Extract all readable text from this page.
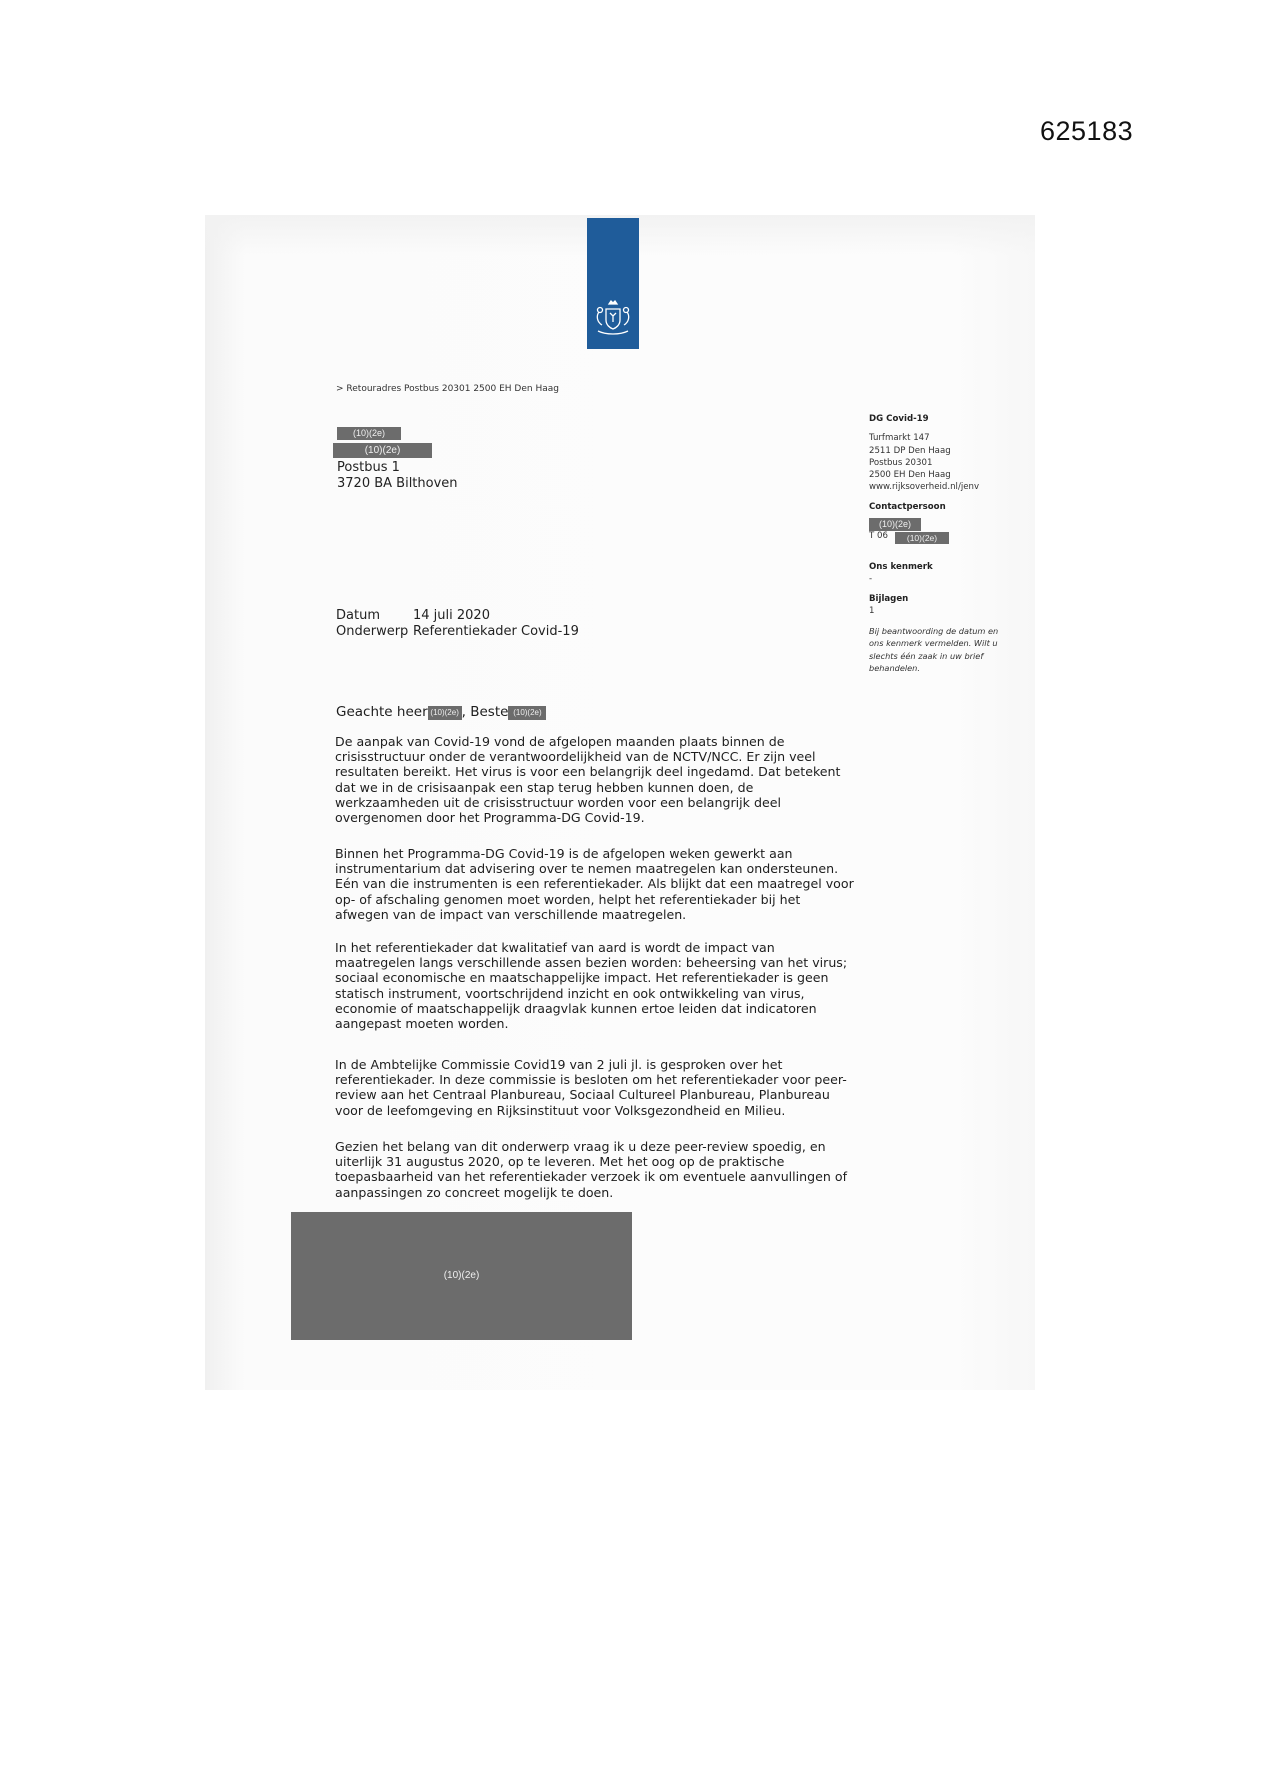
625183
> Retouradres Postbus 20301 2500 EH Den Haag
(10)(2e)
(10)(2e)
Postbus 1
3720 BA Bilthoven
DG Covid-19
Turfmarkt 147
2511 DP Den Haag
Postbus 20301
2500 EH Den Haag
www.rijksoverheid.nl/jenv
Contactpersoon
(10)(2e)
T 06	(10)(2e)
Ons kenmerk
-
Bijlagen
1
Bij beantwoording de datum en ons kenmerk vermelden. Wilt u slechts één zaak in uw brief behandelen.
Datum	14 juli 2020
Onderwerp Referentiekader Covid-19
Geachte heer (10)(2e) , Beste (10)(2e)
De aanpak van Covid-19 vond de afgelopen maanden plaats binnen de crisisstructuur onder de verantwoordelijkheid van de NCTV/NCC. Er zijn veel resultaten bereikt. Het virus is voor een belangrijk deel ingedamd. Dat betekent dat we in de crisisaanpak een stap terug hebben kunnen doen, de werkzaamheden uit de crisisstructuur worden voor een belangrijk deel overgenomen door het Programma-DG Covid-19.
Binnen het Programma-DG Covid-19 is de afgelopen weken gewerkt aan instrumentarium dat advisering over te nemen maatregelen kan ondersteunen. Eén van die instrumenten is een referentiekader. Als blijkt dat een maatregel voor op- of afschaling genomen moet worden, helpt het referentiekader bij het afwegen van de impact van verschillende maatregelen.
In het referentiekader dat kwalitatief van aard is wordt de impact van maatregelen langs verschillende assen bezien worden: beheersing van het virus; sociaal economische en maatschappelijke impact. Het referentiekader is geen statisch instrument, voortschrijdend inzicht en ook ontwikkeling van virus, economie of maatschappelijk draagvlak kunnen ertoe leiden dat indicatoren aangepast moeten worden.
In de Ambtelijke Commissie Covid19 van 2 juli jl. is gesproken over het referentiekader. In deze commissie is besloten om het referentiekader voor peer-review aan het Centraal Planbureau, Sociaal Cultureel Planbureau, Planbureau voor de leefomgeving en Rijksinstituut voor Volksgezondheid en Milieu.
Gezien het belang van dit onderwerp vraag ik u deze peer-review spoedig, en uiterlijk 31 augustus 2020, op te leveren. Met het oog op de praktische toepasbaarheid van het referentiekader verzoek ik om eventuele aanvullingen of aanpassingen zo concreet mogelijk te doen.
(10)(2e)
